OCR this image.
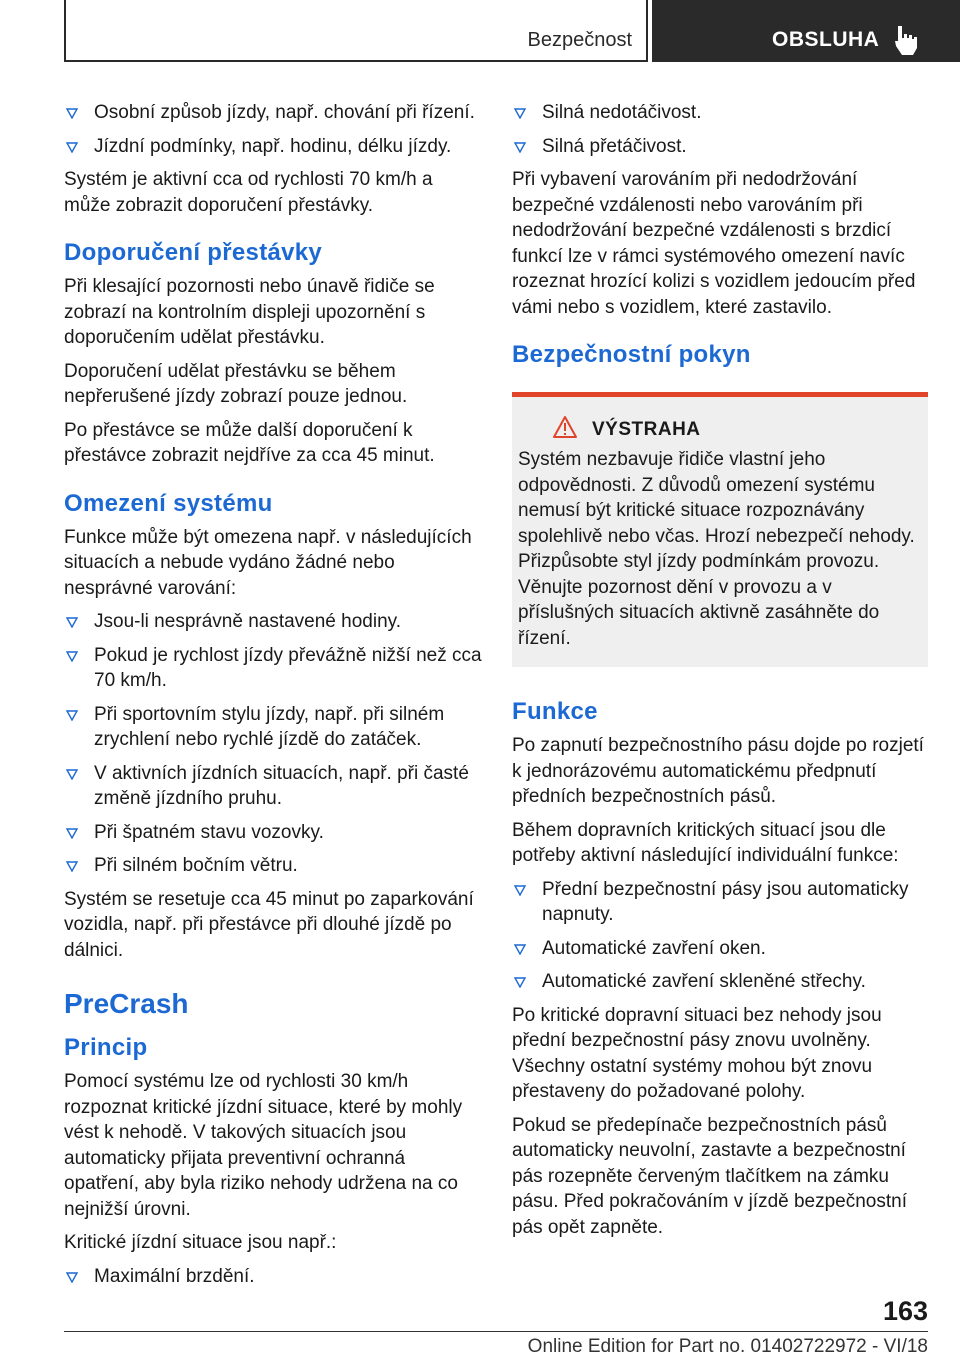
Bezpečnost	OBSLUHA
Osobní způsob jízdy, např. chování při řízení.
Jízdní podmínky, např. hodinu, délku jízdy.

Systém je aktivní cca od rychlosti 70 km/h a může zobrazit doporučení přestávky.

Doporučení přestávky

Při klesající pozornosti nebo únavě řidiče se zobrazí na kontrolním displeji upozornění s doporučením udělat přestávku.

Doporučení udělat přestávku se během nepřerušené jízdy zobrazí pouze jednou.

Po přestávce se může další doporučení k přestávce zobrazit nejdříve za cca 45 minut.

Omezení systému

Funkce může být omezena např. v následujících situacích a nebude vydáno žádné nebo nesprávné varování:

Jsou-li nesprávně nastavené hodiny.
Pokud je rychlost jízdy převážně nižší než cca 70 km/h.
Při sportovním stylu jízdy, např. při silném zrychlení nebo rychlé jízdě do zatáček.
V aktivních jízdních situacích, např. při časté změně jízdního pruhu.
Při špatném stavu vozovky.
Při silném bočním větru.

Systém se resetuje cca 45 minut po zaparkování vozidla, např. při přestávce při dlouhé jízdě po dálnici.

PreCrash
Princip

Pomocí systému lze od rychlosti 30 km/h rozpoznat kritické jízdní situace, které by mohly vést k nehodě. V takových situacích jsou automaticky přijata preventivní ochranná opatření, aby byla riziko nehody udržena na co nejnižší úrovni.

Kritické jízdní situace jsou např.:

Maximální brzdění.
Silná nedotáčivost.
Silná přetáčivost.

Při vybavení varováním při nedodržování bezpečné vzdálenosti nebo varováním při nedodržování bezpečné vzdálenosti s brzdicí funkcí lze v rámci systémového omezení navíc rozeznat hrozící kolizi s vozidlem jedoucím před vámi nebo s vozidlem, které zastavilo.

Bezpečnostní pokyn
VÝSTRAHA

Systém nezbavuje řidiče vlastní jeho odpovědnosti. Z důvodů omezení systému nemusí být kritické situace rozpoznávány spolehlivě nebo včas. Hrozí nebezpečí nehody. Přizpůsobte styl jízdy podmínkám provozu. Věnujte pozornost dění v provozu a v příslušných situacích aktivně zasáhněte do řízení.

Funkce

Po zapnutí bezpečnostního pásu dojde po rozjetí k jednorázovému automatickému předpnutí předních bezpečnostních pásů.

Během dopravních kritických situací jsou dle potřeby aktivní následující individuální funkce:

Přední bezpečnostní pásy jsou automaticky napnuty.
Automatické zavření oken.
Automatické zavření skleněné střechy.

Po kritické dopravní situaci bez nehody jsou přední bezpečnostní pásy znovu uvolněny. Všechny ostatní systémy mohou být znovu přestaveny do požadované polohy.

Pokud se předepínače bezpečnostních pásů automaticky neuvolní, zastavte a bezpečnostní pás rozepněte červeným tlačítkem na zámku pásu. Před pokračováním v jízdě bezpečnostní pás opět zapněte.

163
Online Edition for Part no. 01402722972 - VI/18
